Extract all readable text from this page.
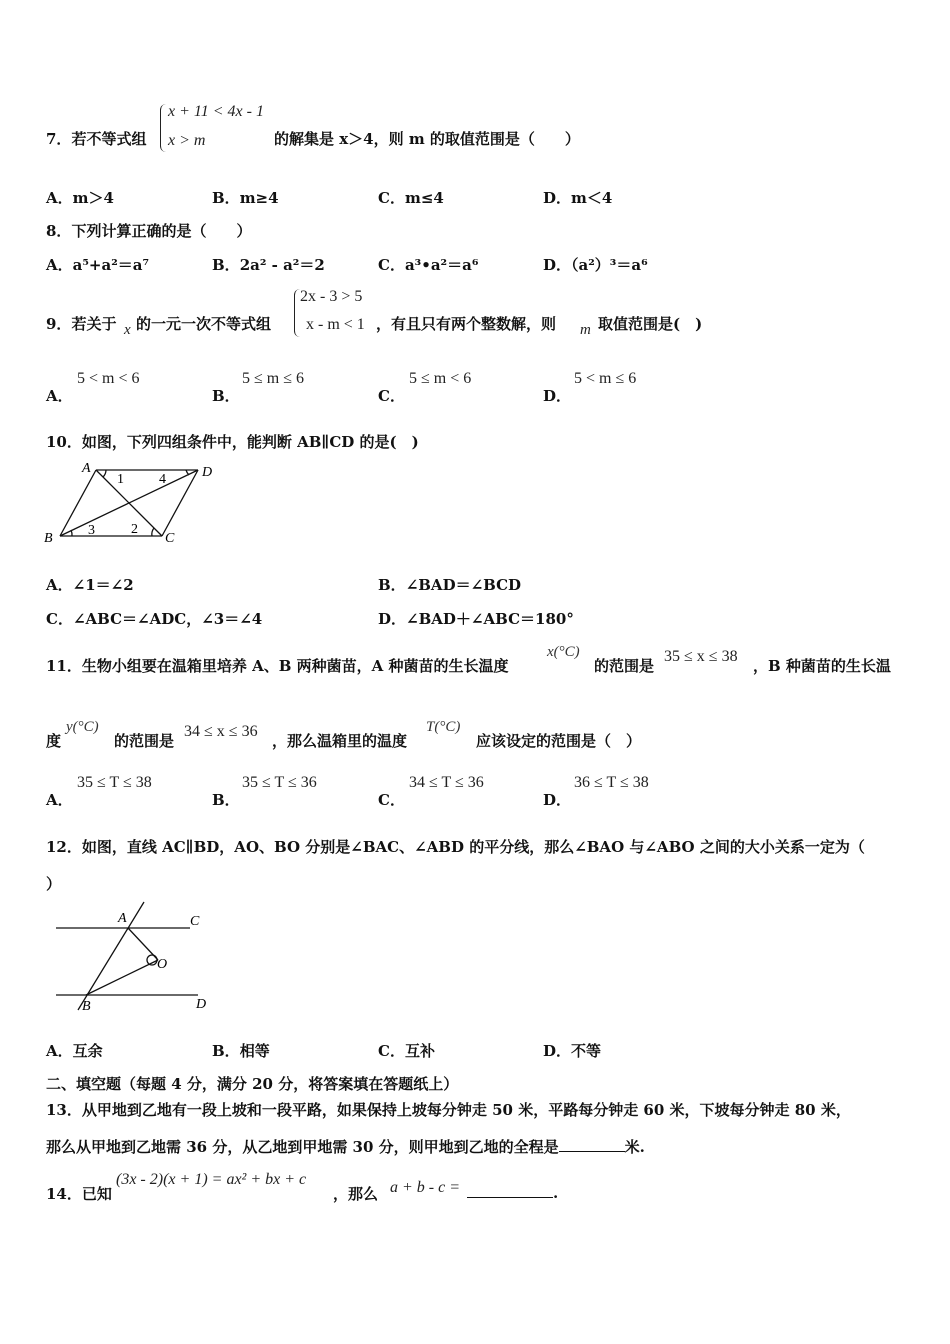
7．若不等式组
x + 11 < 4x - 1
x > m	的解集是 x＞4，则 m 的取值范围是（　　）
A．m＞4	B．m≥4	C．m≤4	D．m＜4
8．下列计算正确的是（　　）
A．a⁵+a²＝a⁷	B．2a² - a²＝2	C．a³•a²＝a⁶	D．（a²）³＝a⁶
9．若关于 x 的一元一次不等式组
2x - 3 > 5
x - m < 1 ，有且只有两个整数解，则 m 取值范围是(　)
A．
5 < m < 6
B．
5 ≤ m ≤ 6
C．
5 ≤ m < 6
D．
5 < m ≤ 6
10．如图，下列四组条件中，能判断 AB∥CD 的是(　)
A	D
B	C
1	4
3	2
A．∠1＝∠2	B．∠BAD＝∠BCD
C．∠ABC＝∠ADC，∠3＝∠4	D．∠BAD＋∠ABC＝180°
11．生物小组要在温箱里培养 A、B 两种菌苗，A 种菌苗的生长温度
x(°C)
的范围是
35 ≤ x ≤ 38
，B 种菌苗的生长温
度
y(°C)
的范围是
34 ≤ x ≤ 36
，那么温箱里的温度
T(°C)
应该设定的范围是（　）
A．
35 ≤ T ≤ 38
B．
35 ≤ T ≤ 36
C．
34 ≤ T ≤ 36
D．
36 ≤ T ≤ 38
12．如图，直线 AC∥BD，AO、BO 分别是∠BAC、∠ABD 的平分线，那么∠BAO 与∠ABO 之间的大小关系一定为（
）
A	C
O
B	D
A．互余	B．相等	C．互补	D．不等
二、填空题（每题 4 分，满分 20 分，将答案填在答题纸上）
13．从甲地到乙地有一段上坡和一段平路，如果保持上坡每分钟走 50 米，平路每分钟走 60 米，下坡每分钟走 80 米，
那么从甲地到乙地需 36 分，从乙地到甲地需 30 分，则甲地到乙地的全程是	米.
14．已知
(3x - 2)(x + 1) = ax² + bx + c
，那么 a + b - c =	.
